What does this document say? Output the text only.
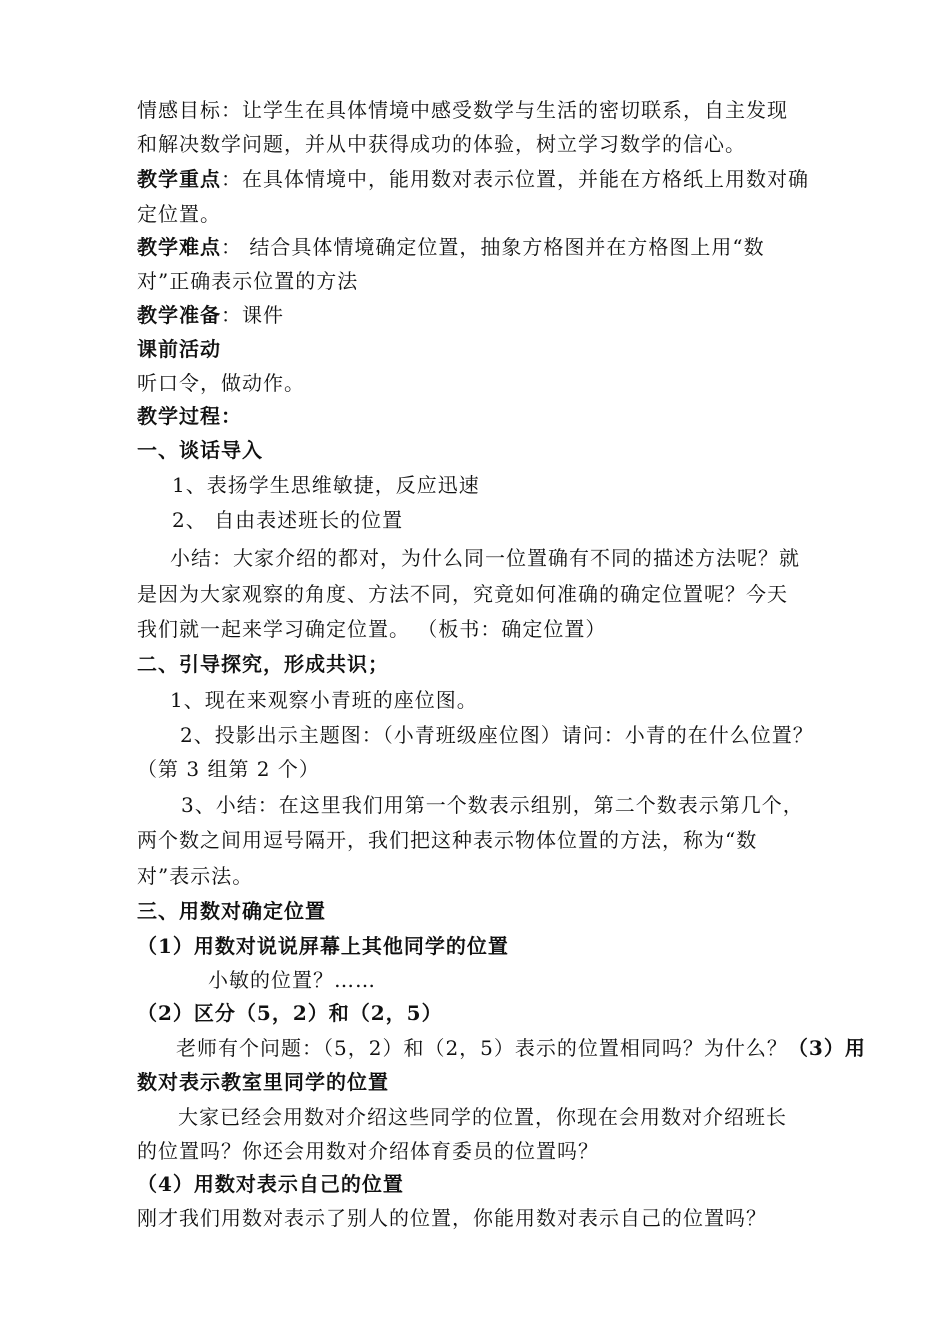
情感目标：让学生在具体情境中感受数学与生活的密切联系，自主发现
和解决数学问题，并从中获得成功的体验，树立学习数学的信心。
教学重点：在具体情境中，能用数对表示位置，并能在方格纸上用数对确
定位置。
教学难点： 结合具体情境确定位置，抽象方格图并在方格图上用“数
对”正确表示位置的方法
教学准备：课件
课前活动
听口令，做动作。
教学过程：
一、谈话导入
1、表扬学生思维敏捷，反应迅速
2、 自由表述班长的位置
小结：大家介绍的都对，为什么同一位置确有不同的描述方法呢？就
是因为大家观察的角度、方法不同，究竟如何准确的确定位置呢？今天
我们就一起来学习确定位置。 （板书：确定位置）
二、引导探究，形成共识；
1、现在来观察小青班的座位图。
2、投影出示主题图：（小青班级座位图）请问：小青的在什么位置？
（第 3 组第 2 个）
3、小结：在这里我们用第一个数表示组别，第二个数表示第几个，
两个数之间用逗号隔开，我们把这种表示物体位置的方法，称为“数
对”表示法。
三、用数对确定位置
（1）用数对说说屏幕上其他同学的位置
小敏的位置？……
（2）区分（5，2）和（2，5）
老师有个问题：（5，2）和（2，5）表示的位置相同吗？为什么？（3）用
数对表示教室里同学的位置
大家已经会用数对介绍这些同学的位置，你现在会用数对介绍班长
的位置吗？你还会用数对介绍体育委员的位置吗？
（4）用数对表示自己的位置
刚才我们用数对表示了别人的位置，你能用数对表示自己的位置吗？
